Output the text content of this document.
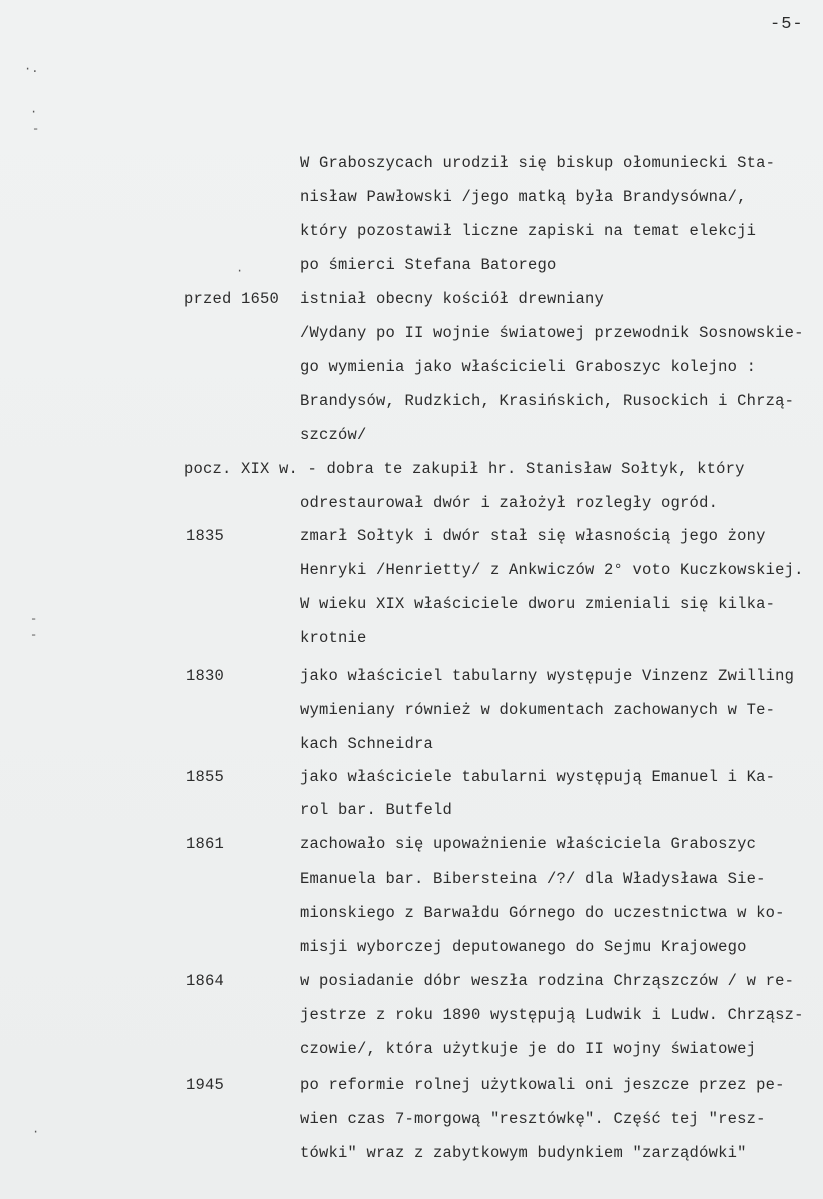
-5-
·.
·
-
-
-
·
·
przed 1650
1835
1830
1855
1861
1864
1945
W Graboszycach urodził się biskup ołomuniecki Sta-
nisław Pawłowski /jego matką była Brandysówna/,
który pozostawił liczne zapiski na temat elekcji
po śmierci Stefana Batorego
istniał obecny kościół drewniany
/Wydany po II wojnie światowej przewodnik Sosnowskie-
go wymienia jako właścicieli Graboszyc kolejno :
Brandysów, Rudzkich, Krasińskich, Rusockich i Chrzą-
szczów/
pocz. XIX w. - dobra te zakupił hr. Stanisław Sołtyk, który
odrestaurował dwór i założył rozległy ogród.
zmarł Sołtyk i dwór stał się własnością jego żony
Henryki /Henrietty/ z Ankwiczów 2° voto Kuczkowskiej.
W wieku XIX właściciele dworu zmieniali się kilka-
krotnie
jako właściciel tabularny występuje Vinzenz Zwilling
wymieniany również w dokumentach zachowanych w Te-
kach Schneidra
jako właściciele tabularni występują Emanuel i Ka-
rol bar. Butfeld
zachowało się upoważnienie właściciela Graboszyc
Emanuela bar. Bibersteina /?/ dla Władysława Sie-
mionskiego z Barwałdu Górnego do uczestnictwa w ko-
misji wyborczej deputowanego do Sejmu Krajowego
w posiadanie dóbr weszła rodzina Chrząszczów / w re-
jestrze z roku 1890 występują Ludwik i Ludw. Chrząsz-
czowie/, która użytkuje je do II wojny światowej
po reformie rolnej użytkowali oni jeszcze przez pe-
wien czas 7-morgową "resztówkę". Część tej "resz-
tówki" wraz z zabytkowym budynkiem "zarządówki"
